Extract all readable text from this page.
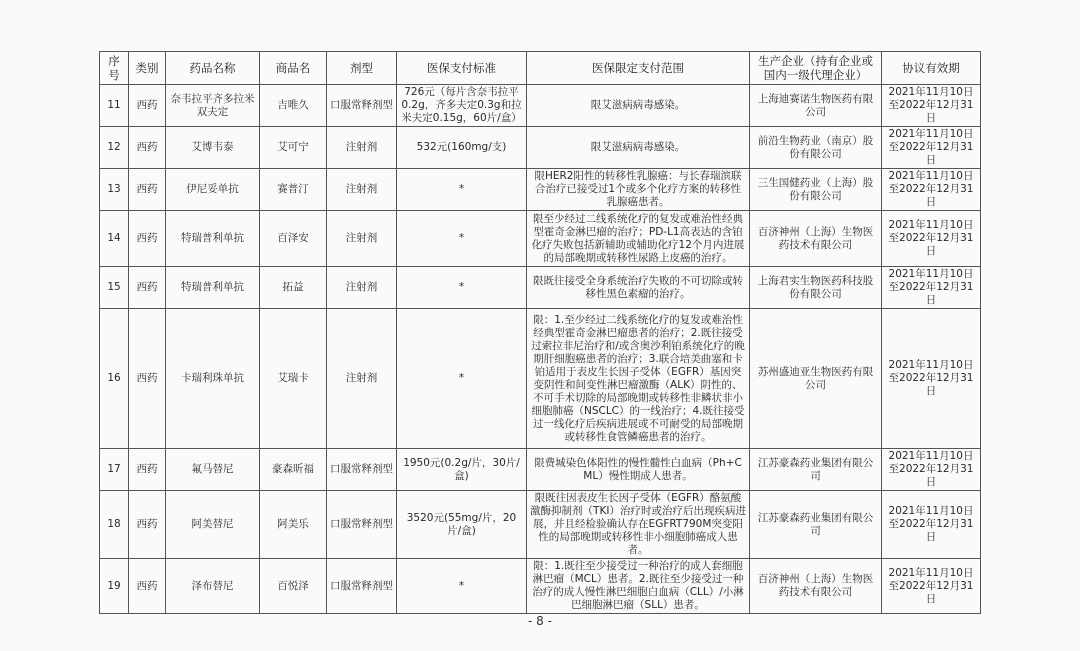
序号	类别	药品名称	商品名	剂型	医保支付标准	医保限定支付范围	生产企业（持有企业或国内一级代理企业）	协议有效期
11	西药	奈韦拉平齐多拉米双夫定	吉唯久	口服常释剂型	726元（每片含奈韦拉平0.2g，齐多夫定0.3g和拉米夫定0.15g，60片/盒）	限艾滋病病毒感染。	上海迪赛诺生物医药有限公司	2021年11月10日至2022年12月31日
12	西药	艾博韦泰	艾可宁	注射剂	532元(160mg/支)	限艾滋病病毒感染。	前沿生物药业（南京）股份有限公司	2021年11月10日至2022年12月31日
13	西药	伊尼妥单抗	赛普汀	注射剂	*	限HER2阳性的转移性乳腺癌：与长春瑞滨联合治疗已接受过1个或多个化疗方案的转移性乳腺癌患者。	三生国健药业（上海）股份有限公司	2021年11月10日至2022年12月31日
14	西药	特瑞普利单抗	百泽安	注射剂	*	限至少经过二线系统化疗的复发或难治性经典型霍奇金淋巴瘤的治疗；PD-L1高表达的含铂化疗失败包括新辅助或辅助化疗12个月内进展的局部晚期或转移性尿路上皮癌的治疗。	百济神州（上海）生物医药技术有限公司	2021年11月10日至2022年12月31日
15	西药	特瑞普利单抗	拓益	注射剂	*	限既往接受全身系统治疗失败的不可切除或转移性黑色素瘤的治疗。	上海君实生物医药科技股份有限公司	2021年11月10日至2022年12月31日
16	西药	卡瑞利珠单抗	艾瑞卡	注射剂	*	限：1.至少经过二线系统化疗的复发或难治性经典型霍奇金淋巴瘤患者的治疗；2.既往接受过索拉非尼治疗和/或含奥沙利铂系统化疗的晚期肝细胞癌患者的治疗；3.联合培美曲塞和卡铂适用于表皮生长因子受体（EGFR）基因突变阴性和间变性淋巴瘤激酶（ALK）阴性的、不可手术切除的局部晚期或转移性非鳞状非小细胞肺癌（NSCLC）的一线治疗；4.既往接受过一线化疗后疾病进展或不可耐受的局部晚期或转移性食管鳞癌患者的治疗。	苏州盛迪亚生物医药有限公司	2021年11月10日至2022年12月31日
17	西药	氟马替尼	豪森昕福	口服常释剂型	1950元(0.2g/片，30片/盒)	限费城染色体阳性的慢性髓性白血病（Ph+CML）慢性期成人患者。	江苏豪森药业集团有限公司	2021年11月10日至2022年12月31日
18	西药	阿美替尼	阿美乐	口服常释剂型	3520元(55mg/片，20片/盒)	限既往因表皮生长因子受体（EGFR）酪氨酸激酶抑制剂（TKI）治疗时或治疗后出现疾病进展，并且经检验确认存在EGFRT790M突变阳性的局部晚期或转移性非小细胞肺癌成人患者。	江苏豪森药业集团有限公司	2021年11月10日至2022年12月31日
19	西药	泽布替尼	百悦泽	口服常释剂型	*	限：1.既往至少接受过一种治疗的成人套细胞淋巴瘤（MCL）患者。2.既往至少接受过一种治疗的成人慢性淋巴细胞白血病（CLL）/小淋巴细胞淋巴瘤（SLL）患者。	百济神州（上海）生物医药技术有限公司	2021年11月10日至2022年12月31日
- 8 -
